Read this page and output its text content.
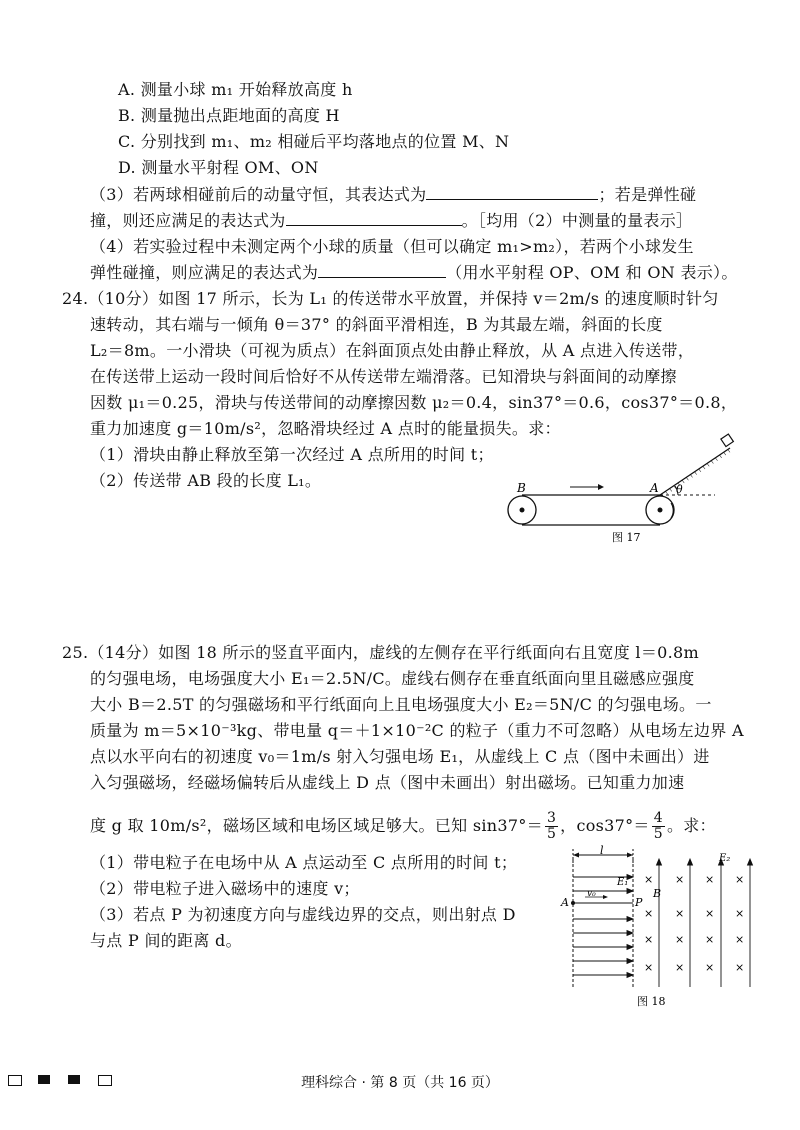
A. 测量小球 m₁ 开始释放高度 h
B. 测量抛出点距地面的高度 H
C. 分别找到 m₁、m₂ 相碰后平均落地点的位置 M、N
D. 测量水平射程 OM、ON
（3）若两球相碰前后的动量守恒，其表达式为	；若是弹性碰
撞，则还应满足的表达式为	。［均用（2）中测量的量表示］
（4）若实验过程中未测定两个小球的质量（但可以确定 m₁>m₂），若两个小球发生
弹性碰撞，则应满足的表达式为	（用水平射程 OP、OM 和 ON 表示）。
24.（10分）如图 17 所示，长为 L₁ 的传送带水平放置，并保持 v＝2m/s 的速度顺时针匀
速转动，其右端与一倾角 θ＝37° 的斜面平滑相连，B 为其最左端，斜面的长度
L₂＝8m。一小滑块（可视为质点）在斜面顶点处由静止释放，从 A 点进入传送带，
在传送带上运动一段时间后恰好不从传送带左端滑落。已知滑块与斜面间的动摩擦
因数 μ₁＝0.25，滑块与传送带间的动摩擦因数 μ₂＝0.4，sin37°＝0.6，cos37°＝0.8，
重力加速度 g＝10m/s²，忽略滑块经过 A 点时的能量损失。求：
（1）滑块由静止释放至第一次经过 A 点所用的时间 t；
（2）传送带 AB 段的长度 L₁。	B	A θ
图 17
25.（14分）如图 18 所示的竖直平面内，虚线的左侧存在平行纸面向右且宽度 l＝0.8m
的匀强电场，电场强度大小 E₁＝2.5N/C。虚线右侧存在垂直纸面向里且磁感应强度
大小 B＝2.5T 的匀强磁场和平行纸面向上且电场强度大小 E₂＝5N/C 的匀强电场。一
质量为 m＝5×10⁻³kg、带电量 q＝＋1×10⁻²C 的粒子（重力不可忽略）从电场左边界 A
点以水平向右的初速度 v₀＝1m/s 射入匀强电场 E₁，从虚线上 C 点（图中未画出）进
入匀强磁场，经磁场偏转后从虚线上 D 点（图中未画出）射出磁场。已知重力加速
度 g 取 10m/s²，磁场区域和电场区域足够大。已知 $\sin 37^\circ= \frac{3}{5}$ ，$\cos 37^\circ= \frac{4}{5}$ 。求：
（1）带电粒子在电场中从 A 点运动至 C 点所用的时间 t；
（2）带电粒子进入磁场中的速度 v；
（3）若点 P 为初速度方向与虚线边界的交点，则出射点 D
与点 P 间的距离 d。
l
A
v₀
P
E₁
E₂
B
× × × ×
× × × ×
× × × ×
× × × ×
图 18
理科综合 · 第 8 页（共 16 页）
